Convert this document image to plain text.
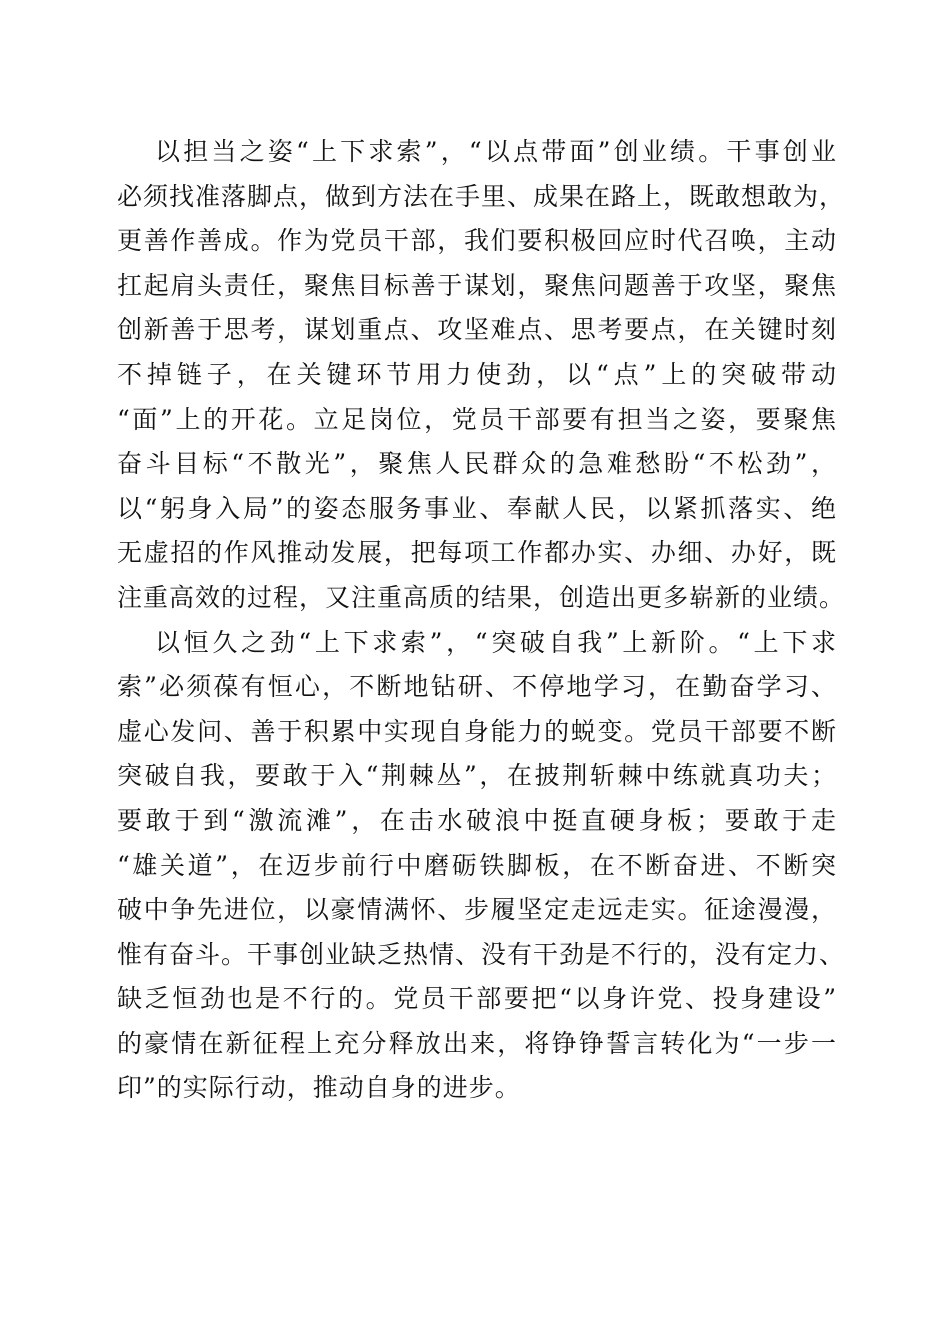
以担当之姿“上下求索”，“以点带面”创业绩。干事创业
必须找准落脚点，做到方法在手里、成果在路上，既敢想敢为，
更善作善成。作为党员干部，我们要积极回应时代召唤，主动
扛起肩头责任，聚焦目标善于谋划，聚焦问题善于攻坚，聚焦
创新善于思考，谋划重点、攻坚难点、思考要点，在关键时刻
不掉链子，在关键环节用力使劲，以“点”上的突破带动
“面”上的开花。立足岗位，党员干部要有担当之姿，要聚焦
奋斗目标“不散光”，聚焦人民群众的急难愁盼“不松劲”，
以“躬身入局”的姿态服务事业、奉献人民，以紧抓落实、绝
无虚招的作风推动发展，把每项工作都办实、办细、办好，既
注重高效的过程，又注重高质的结果，创造出更多崭新的业绩。
以恒久之劲“上下求索”，“突破自我”上新阶。“上下求
索”必须葆有恒心，不断地钻研、不停地学习，在勤奋学习、
虚心发问、善于积累中实现自身能力的蜕变。党员干部要不断
突破自我，要敢于入“荆棘丛”，在披荆斩棘中练就真功夫；
要敢于到“激流滩”，在击水破浪中挺直硬身板；要敢于走
“雄关道”，在迈步前行中磨砺铁脚板，在不断奋进、不断突
破中争先进位，以豪情满怀、步履坚定走远走实。征途漫漫，
惟有奋斗。干事创业缺乏热情、没有干劲是不行的，没有定力、
缺乏恒劲也是不行的。党员干部要把“以身许党、投身建设”
的豪情在新征程上充分释放出来，将铮铮誓言转化为“一步一
印”的实际行动，推动自身的进步。
